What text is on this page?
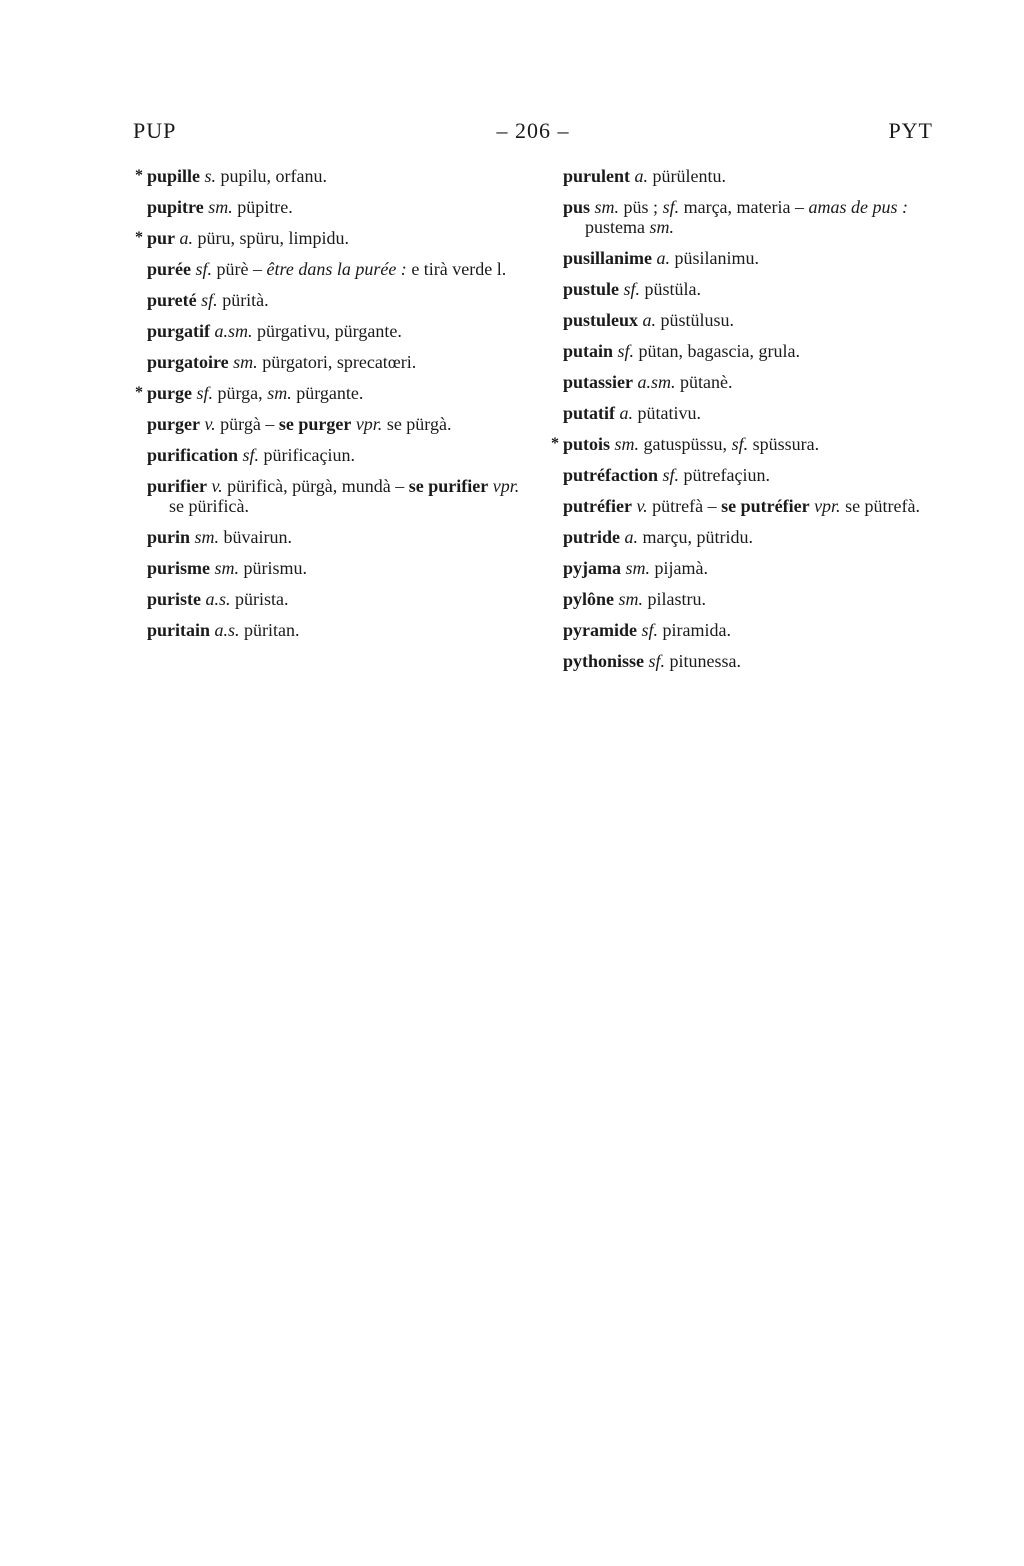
PUP	– 206 –	PYT
* pupille s. pupilu, orfanu.
pupitre sm. püpitre.
* pur a. püru, spüru, limpidu.
purée sf. pürè – être dans la purée : e tirà verde l.
pureté sf. pürità.
purgatif a.sm. pürgativu, pürgante.
purgatoire sm. pürgatori, sprecatœri.
* purge sf. pürga, sm. pürgante.
purger v. pürgà – se purger vpr. se pürgà.
purification sf. pürificaçiun.
purifier v. pürificà, pürgà, mundà – se purifier vpr. se pürificà.
purin sm. büvairun.
purisme sm. pürismu.
puriste a.s. pürista.
puritain a.s. püritan.
purulent a. pürülentu.
pus sm. püs ; sf. marça, materia – amas de pus : pustema sm.
pusillanime a. püsilanimu.
pustule sf. püstüla.
pustuleux a. püstülusu.
putain sf. pütan, bagascia, grula.
putassier a.sm. pütanè.
putatif a. pütativu.
* putois sm. gatuspüssu, sf. spüssura.
putréfaction sf. pütrefaçiun.
putréfier v. pütrefà – se putréfier vpr. se pütrefà.
putride a. marçu, pütridu.
pyjama sm. pijamà.
pylône sm. pilastru.
pyramide sf. piramida.
pythonisse sf. pitunessa.
